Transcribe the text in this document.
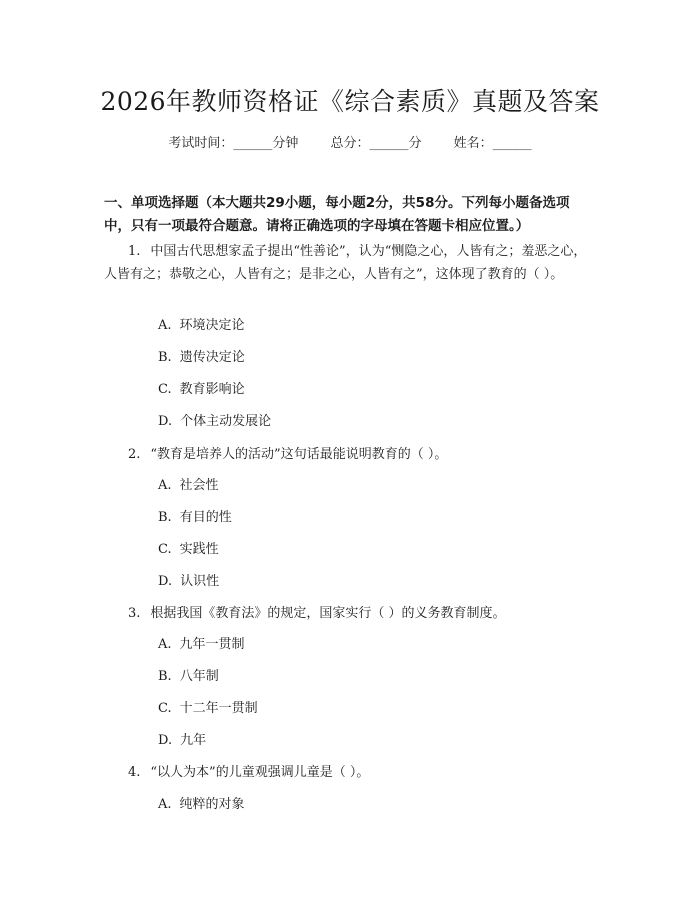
2026年教师资格证《综合素质》真题及答案
考试时间：______分钟 总分：______分 姓名：______
一、单项选择题（本大题共29小题，每小题2分，共58分。下列每小题备选项中，只有一项最符合题意。请将正确选项的字母填在答题卡相应位置。）
1. 中国古代思想家孟子提出“性善论”，认为“恻隐之心，人皆有之；羞恶之心，人皆有之；恭敬之心，人皆有之；是非之心，人皆有之”，这体现了教育的（ ）。
A. 环境决定论
B. 遗传决定论
C. 教育影响论
D. 个体主动发展论
2. “教育是培养人的活动”这句话最能说明教育的（ ）。
A. 社会性
B. 有目的性
C. 实践性
D. 认识性
3. 根据我国《教育法》的规定，国家实行（ ）的义务教育制度。
A. 九年一贯制
B. 八年制
C. 十二年一贯制
D. 九年
4. “以人为本”的儿童观强调儿童是（ ）。
A. 纯粹的对象
